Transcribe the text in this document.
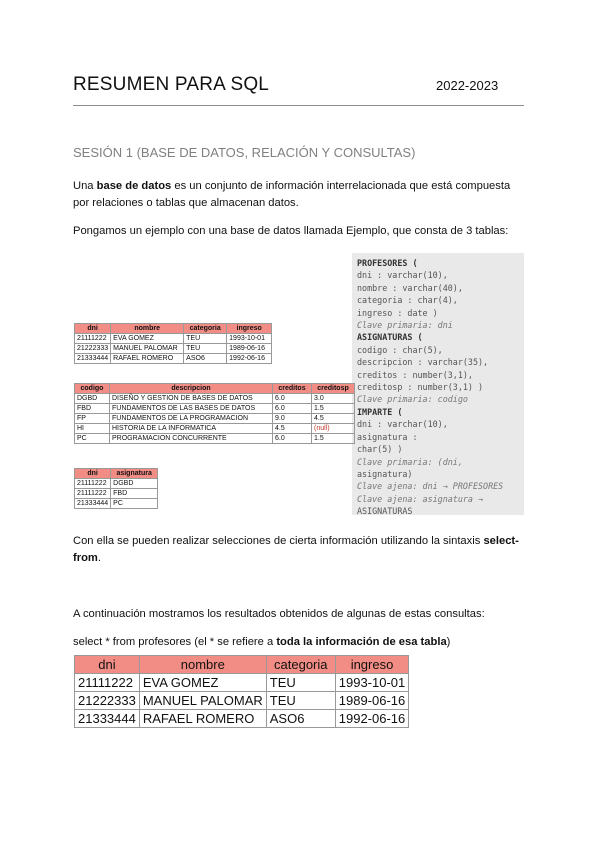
RESUMEN PARA SQL	2022-2023
SESIÓN 1 (BASE DE DATOS, RELACIÓN Y CONSULTAS)

Una base de datos es un conjunto de información interrelacionada que está compuesta por relaciones o tablas que almacenan datos.

Pongamos un ejemplo con una base de datos llamada Ejemplo, que consta de 3 tablas:

PROFESORES (
dni : varchar(10),
nombre : varchar(40),
categoria : char(4),
ingreso : date )
Clave primaria: dni
ASIGNATURAS (
codigo : char(5),
descripcion : varchar(35),
creditos : number(3,1),
creditosp : number(3,1) )
Clave primaria: codigo
IMPARTE (
dni : varchar(10),
asignatura :
char(5) )
Clave primaria: (dni,
asignatura)
Clave ajena: dni → PROFESORES
Clave ajena: asignatura →
ASIGNATURAS
dni	nombre	categoria	ingreso
21111222	EVA GOMEZ	TEU	1993-10-01
21222333	MANUEL PALOMAR	TEU	1989-06-16
21333444	RAFAEL ROMERO	ASO6	1992-06-16
codigo	descripcion	creditos	creditosp
DGBD	DISEÑO Y GESTION DE BASES DE DATOS	6.0	3.0
FBD	FUNDAMENTOS DE LAS BASES DE DATOS	6.0	1.5
FP	FUNDAMENTOS DE LA PROGRAMACION	9.0	4.5
HI	HISTORIA DE LA INFORMATICA	4.5	(null)
PC	PROGRAMACION CONCURRENTE	6.0	1.5
dni	asignatura
21111222	DGBD
21111222	FBD
21333444	PC

Con ella se pueden realizar selecciones de cierta información utilizando la sintaxis select-from.

A continuación mostramos los resultados obtenidos de algunas de estas consultas:

select * from profesores (el * se refiere a toda la información de esa tabla)

dni	nombre	categoria	ingreso
21111222	EVA GOMEZ	TEU	1993-10-01
21222333	MANUEL PALOMAR	TEU	1989-06-16
21333444	RAFAEL ROMERO	ASO6	1992-06-16
